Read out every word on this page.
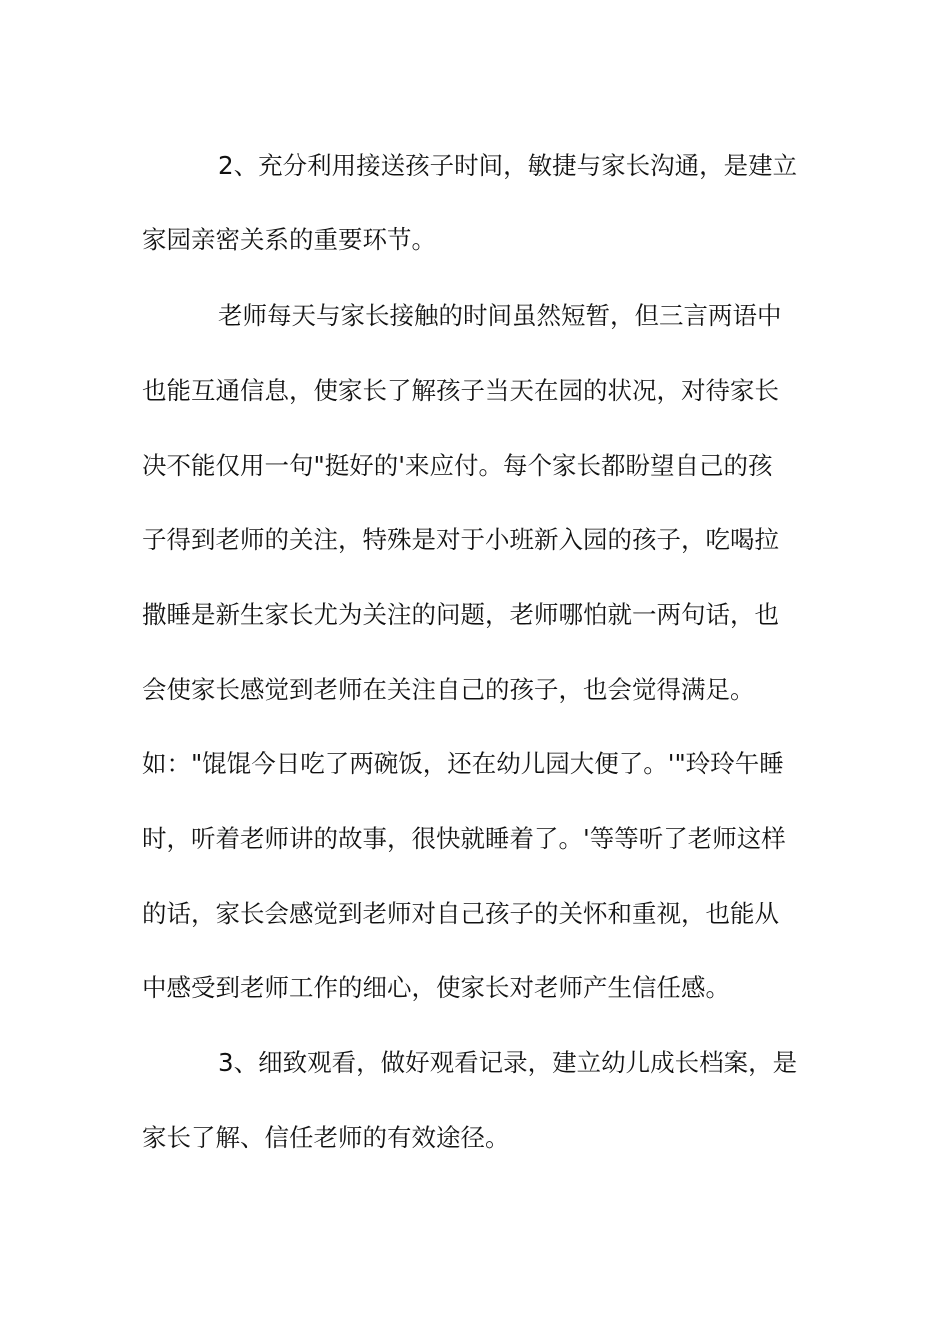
2、充分利用接送孩子时间，敏捷与家长沟通，是建立
家园亲密关系的重要环节。
老师每天与家长接触的时间虽然短暂，但三言两语中
也能互通信息，使家长了解孩子当天在园的状况，对待家长
决不能仅用一句"挺好的'来应付。每个家长都盼望自己的孩
子得到老师的关注，特殊是对于小班新入园的孩子，吃喝拉
撒睡是新生家长尤为关注的问题，老师哪怕就一两句话，也
会使家长感觉到老师在关注自己的孩子，也会觉得满足。
如："馄馄今日吃了两碗饭，还在幼儿园大便了。'"玲玲午睡
时，听着老师讲的故事，很快就睡着了。'等等听了老师这样
的话，家长会感觉到老师对自己孩子的关怀和重视，也能从
中感受到老师工作的细心，使家长对老师产生信任感。
3、细致观看，做好观看记录，建立幼儿成长档案，是
家长了解、信任老师的有效途径。
